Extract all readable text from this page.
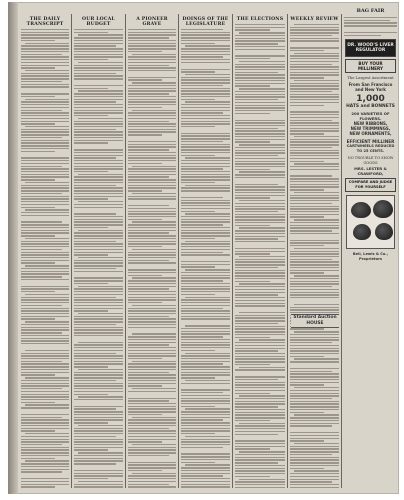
THE DAILY TRANSCRIPT
OUR LOCAL BUDGET
A PIONEER GRAVE
DOINGS OF THE LEGISLATURE
THE ELECTIONS	WEEKLY REVIEW
BAG FAIR
DR. WOOD'S LIVER REGULATOR
BUY YOUR MILLINERY
The Largest Assortment
From San Francisco and New York
1,000
HATS and BONNETS
200 VARIETIES OF FLOWERS.
NEW RIBBONS,
NEW TRIMMINGS,
NEW ORNAMENTS,
EFFICIENT MILLINER
CARTWHEELS REDUCED TO 25 CENTS.
NO TROUBLE TO SHOW GOODS
MRS. LESTER & CRAWFORD,
COMPARE AND JUDGE FOR YOURSELF
Bell, Lewis & Co., Proprietors
Standard Auction HOUSE
